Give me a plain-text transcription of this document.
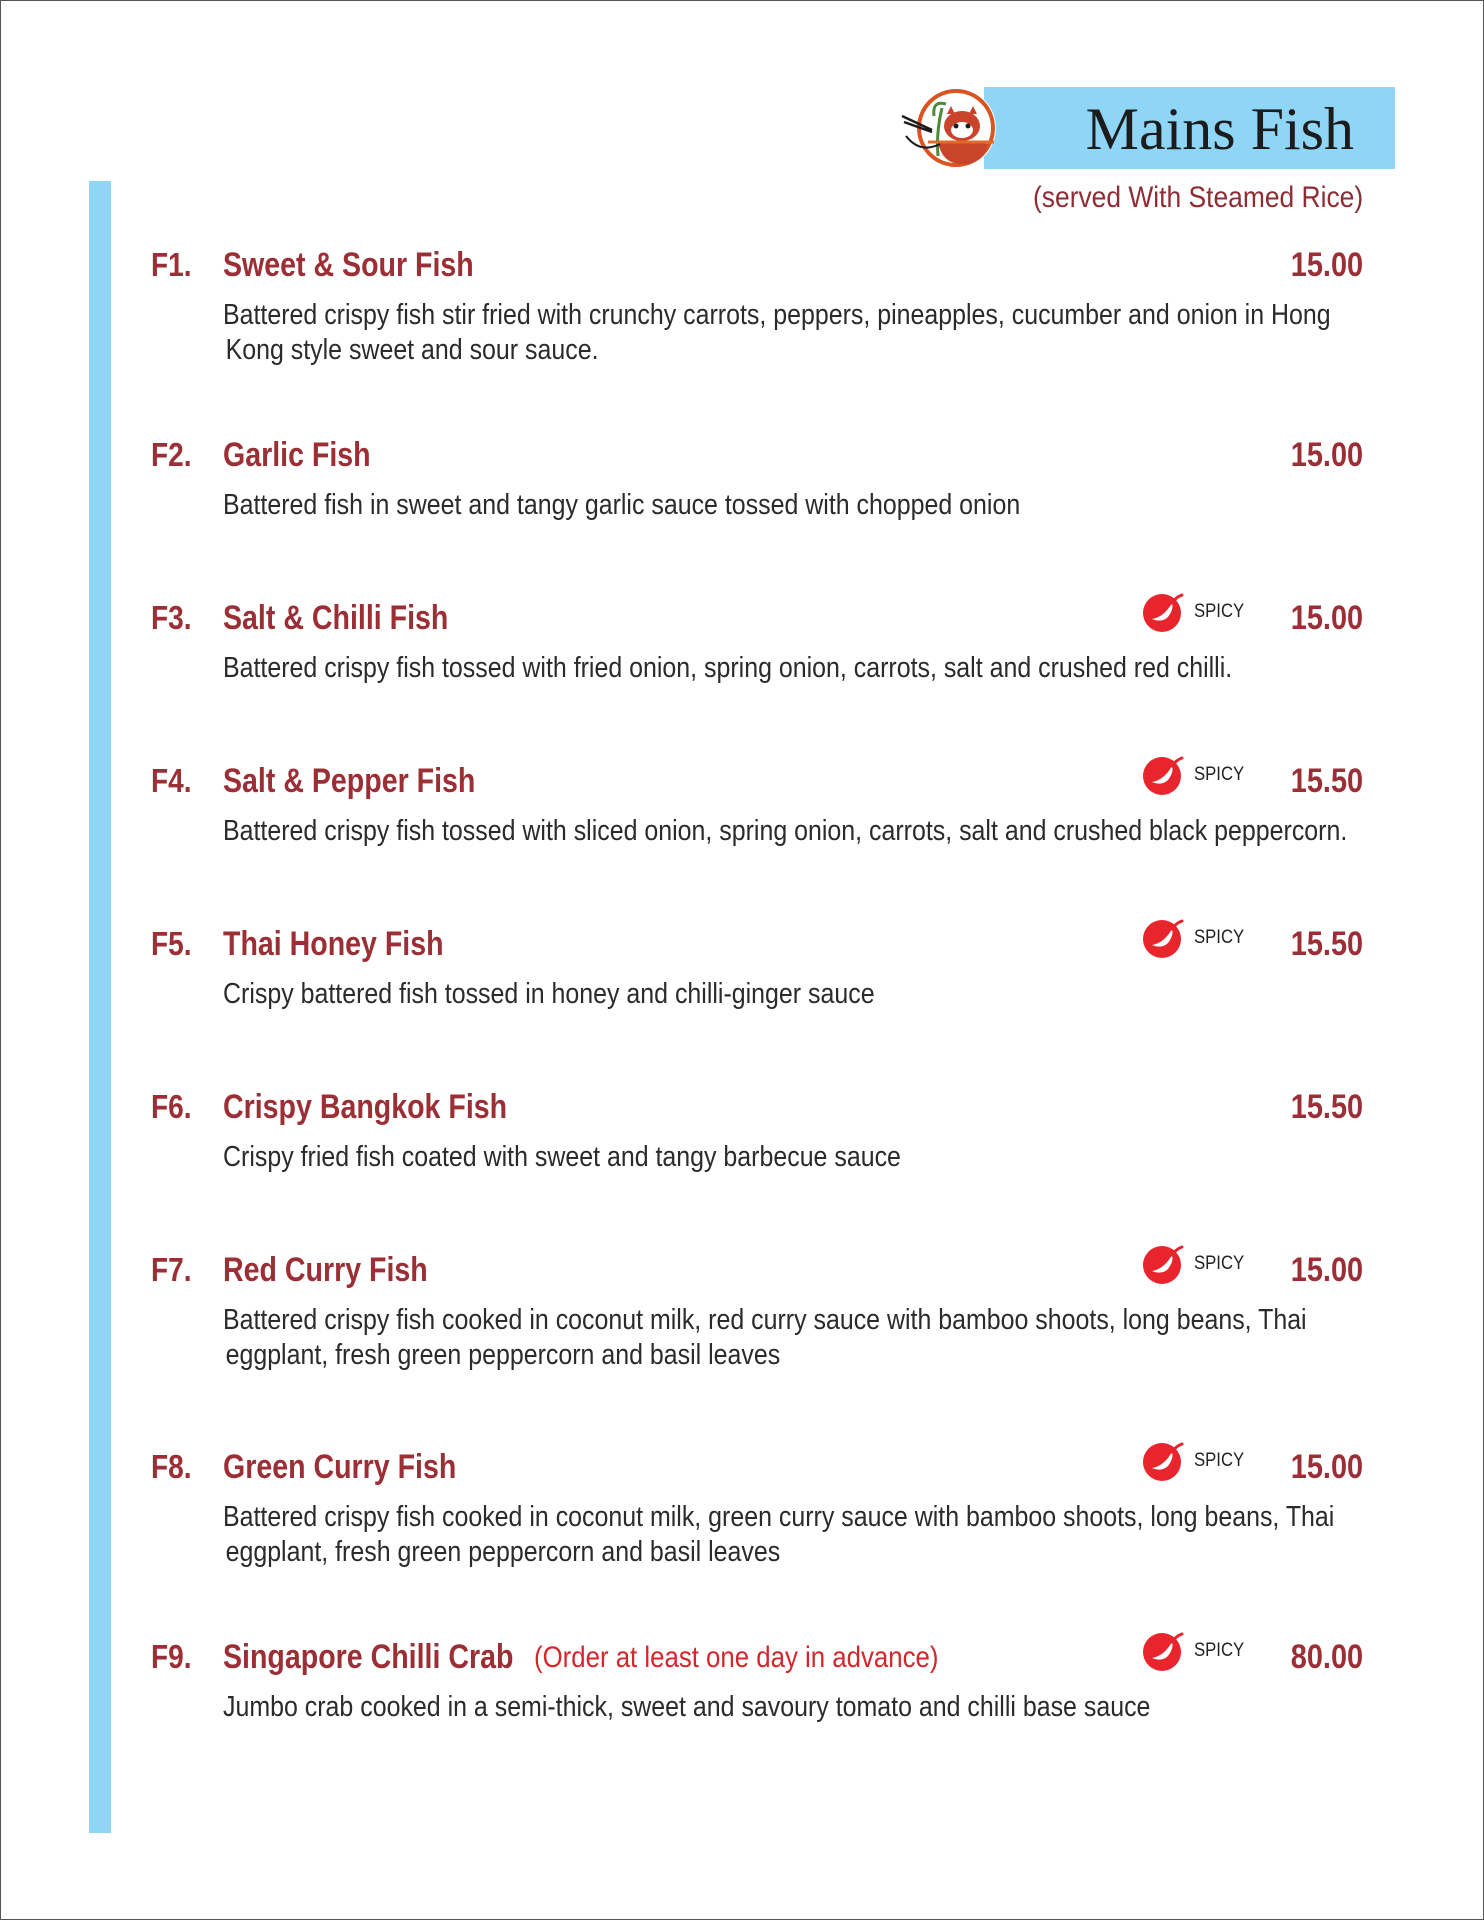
Mains Fish
(served With Steamed Rice)
F1. Sweet & Sour Fish	15.00
Battered crispy fish stir fried with crunchy carrots, peppers, pineapples, cucumber and onion in Hong
Kong style sweet and sour sauce.
F2. Garlic Fish	15.00
Battered fish in sweet and tangy garlic sauce tossed with chopped onion
F3. Salt & Chilli Fish	SPICY 15.00
Battered crispy fish tossed with fried onion, spring onion, carrots, salt and crushed red chilli.
F4. Salt & Pepper Fish	SPICY 15.50
Battered crispy fish tossed with sliced onion, spring onion, carrots, salt and crushed black peppercorn.
F5. Thai Honey Fish	SPICY 15.50
Crispy battered fish tossed in honey and chilli-ginger sauce
F6. Crispy Bangkok Fish	15.50
Crispy fried fish coated with sweet and tangy barbecue sauce
F7. Red Curry Fish	SPICY 15.00
Battered crispy fish cooked in coconut milk, red curry sauce with bamboo shoots, long beans, Thai
eggplant, fresh green peppercorn and basil leaves
F8. Green Curry Fish	SPICY 15.00
Battered crispy fish cooked in coconut milk, green curry sauce with bamboo shoots, long beans, Thai
eggplant, fresh green peppercorn and basil leaves
F9. Singapore Chilli Crab (Order at least one day in advance)	SPICY 80.00
Jumbo crab cooked in a semi-thick, sweet and savoury tomato and chilli base sauce
